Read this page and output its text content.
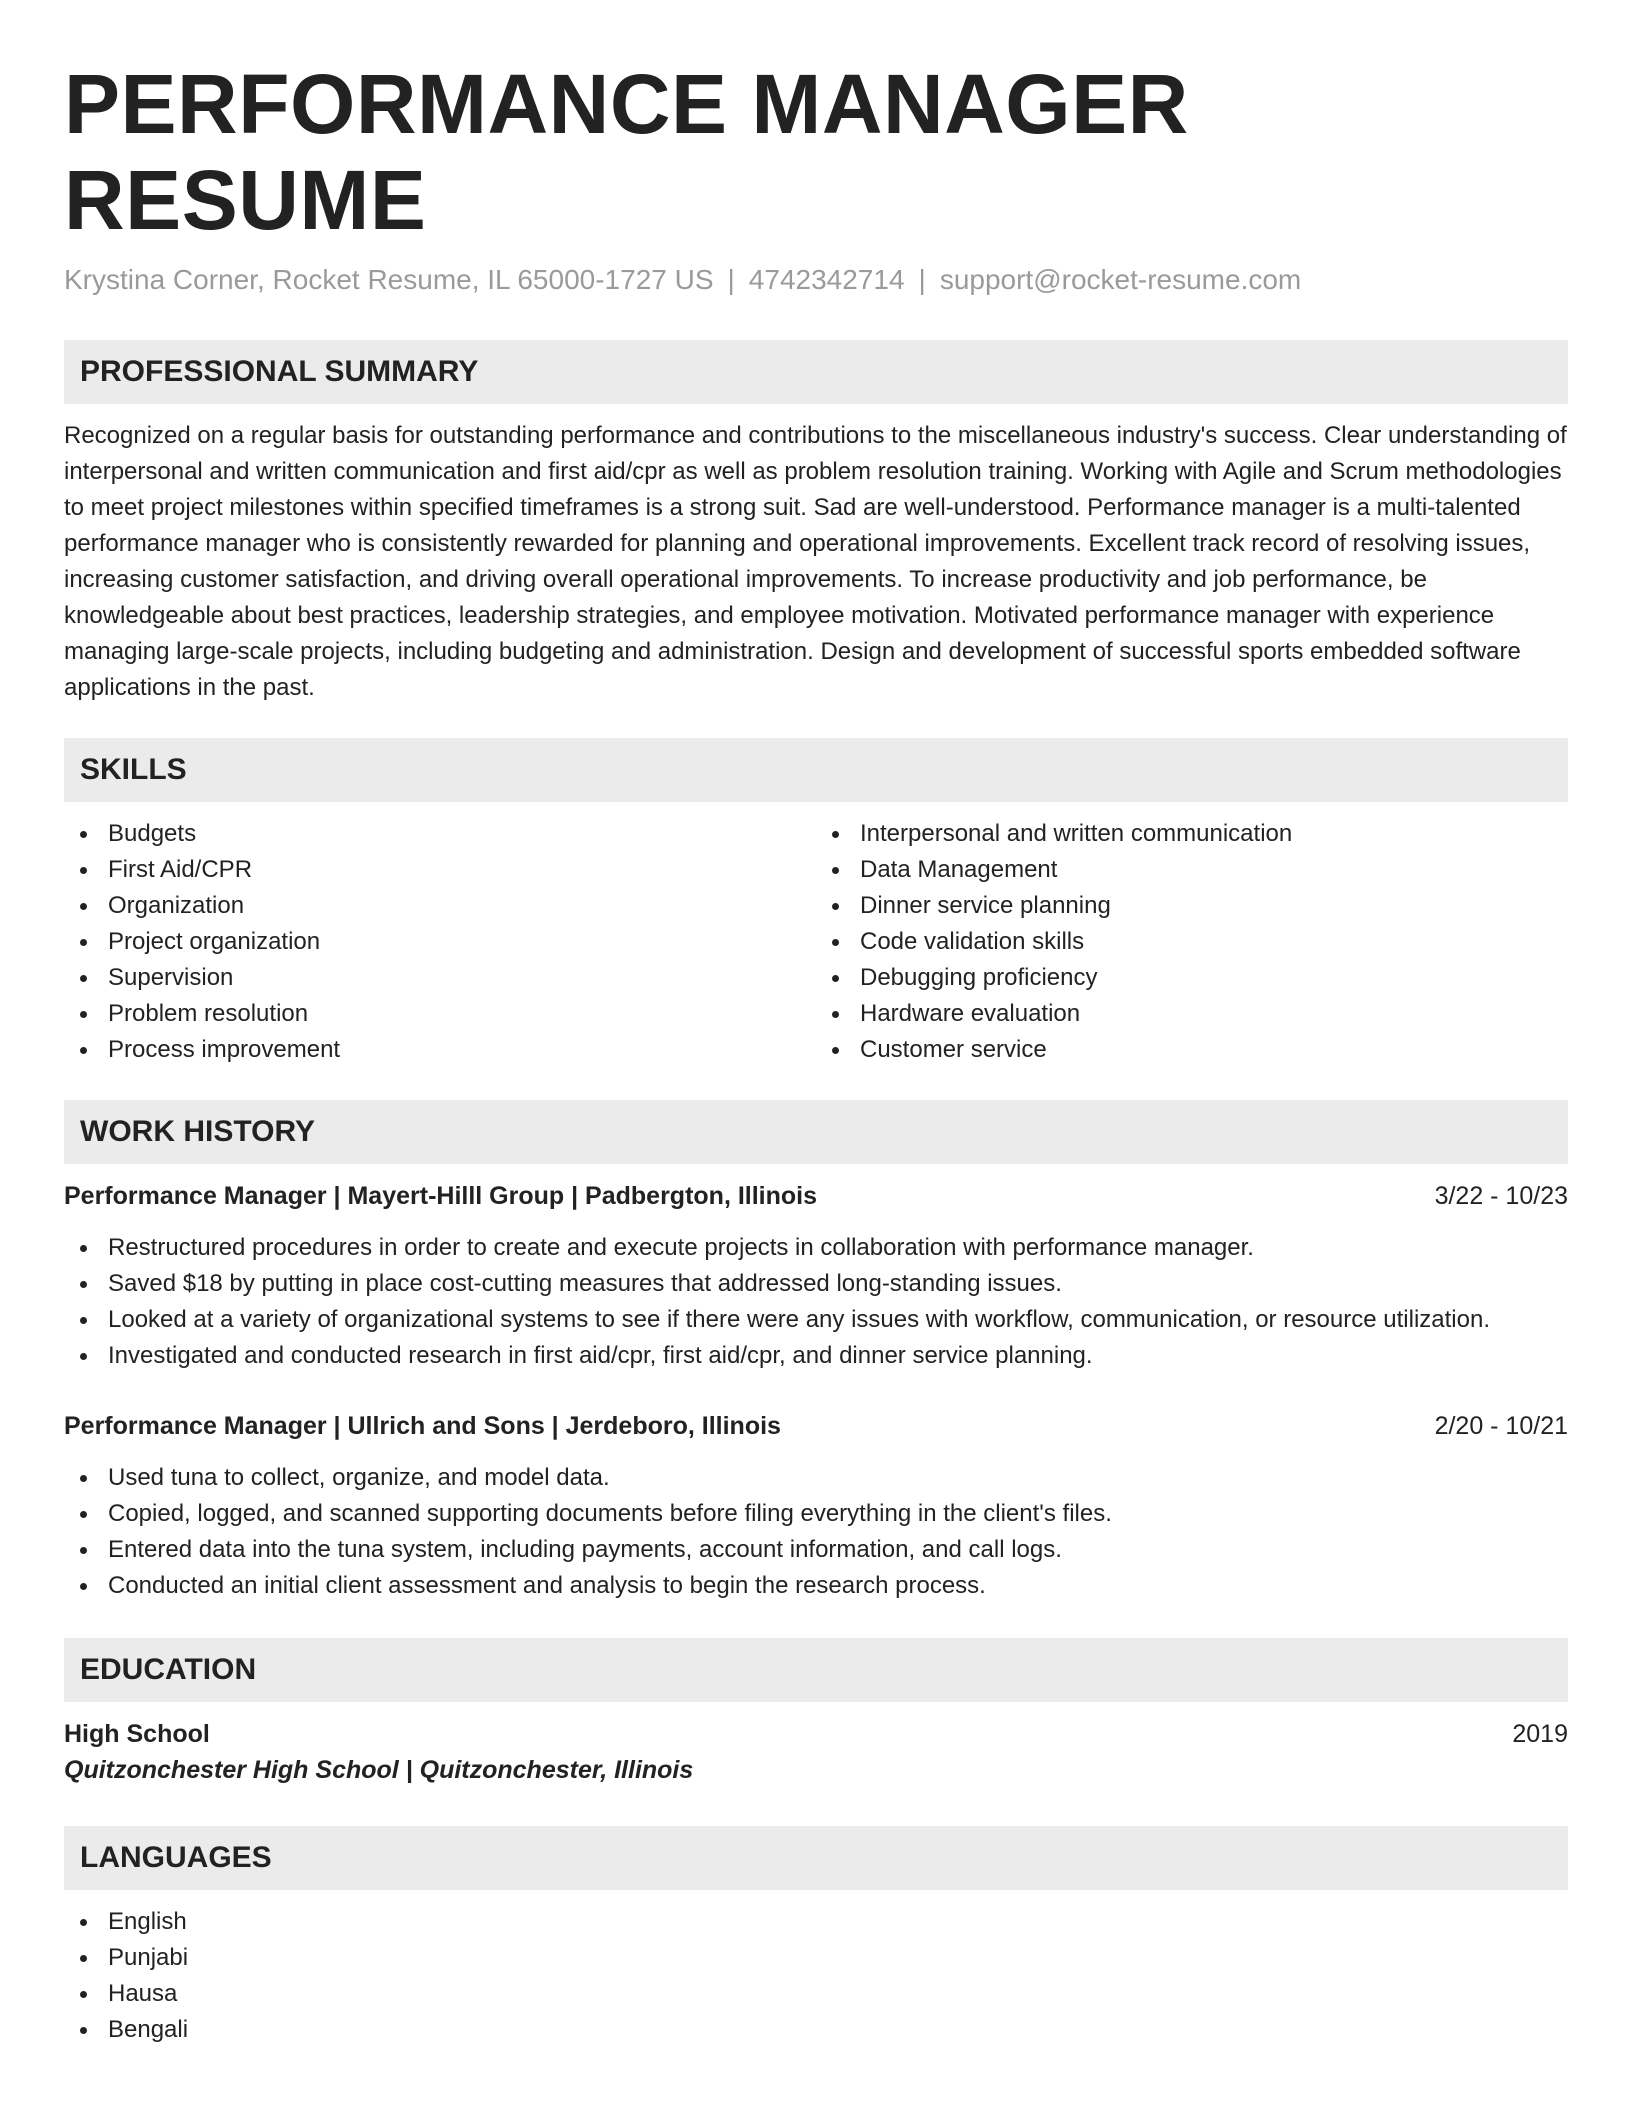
PERFORMANCE MANAGER RESUME
Krystina Corner, Rocket Resume, IL 65000-1727 US | 4742342714 | support@rocket-resume.com
PROFESSIONAL SUMMARY

Recognized on a regular basis for outstanding performance and contributions to the miscellaneous industry's success. Clear understanding of interpersonal and written communication and first aid/cpr as well as problem resolution training. Working with Agile and Scrum methodologies to meet project milestones within specified timeframes is a strong suit. Sad are well-understood. Performance manager is a multi-talented performance manager who is consistently rewarded for planning and operational improvements. Excellent track record of resolving issues, increasing customer satisfaction, and driving overall operational improvements. To increase productivity and job performance, be knowledgeable about best practices, leadership strategies, and employee motivation. Motivated performance manager with experience managing large-scale projects, including budgeting and administration. Design and development of successful sports embedded software applications in the past.

SKILLS
Budgets
First Aid/CPR
Organization
Project organization
Supervision
Problem resolution
Process improvement
Interpersonal and written communication
Data Management
Dinner service planning
Code validation skills
Debugging proficiency
Hardware evaluation
Customer service
WORK HISTORY
Performance Manager | Mayert-Hilll Group | Padbergton, Illinois	3/22 - 10/23
Restructured procedures in order to create and execute projects in collaboration with performance manager.
Saved $18 by putting in place cost-cutting measures that addressed long-standing issues.
Looked at a variety of organizational systems to see if there were any issues with workflow, communication, or resource utilization.
Investigated and conducted research in first aid/cpr, first aid/cpr, and dinner service planning.
Performance Manager | Ullrich and Sons | Jerdeboro, Illinois	2/20 - 10/21
Used tuna to collect, organize, and model data.
Copied, logged, and scanned supporting documents before filing everything in the client's files.
Entered data into the tuna system, including payments, account information, and call logs.
Conducted an initial client assessment and analysis to begin the research process.
EDUCATION
High School	2019
Quitzonchester High School | Quitzonchester, Illinois
LANGUAGES
English
Punjabi
Hausa
Bengali
